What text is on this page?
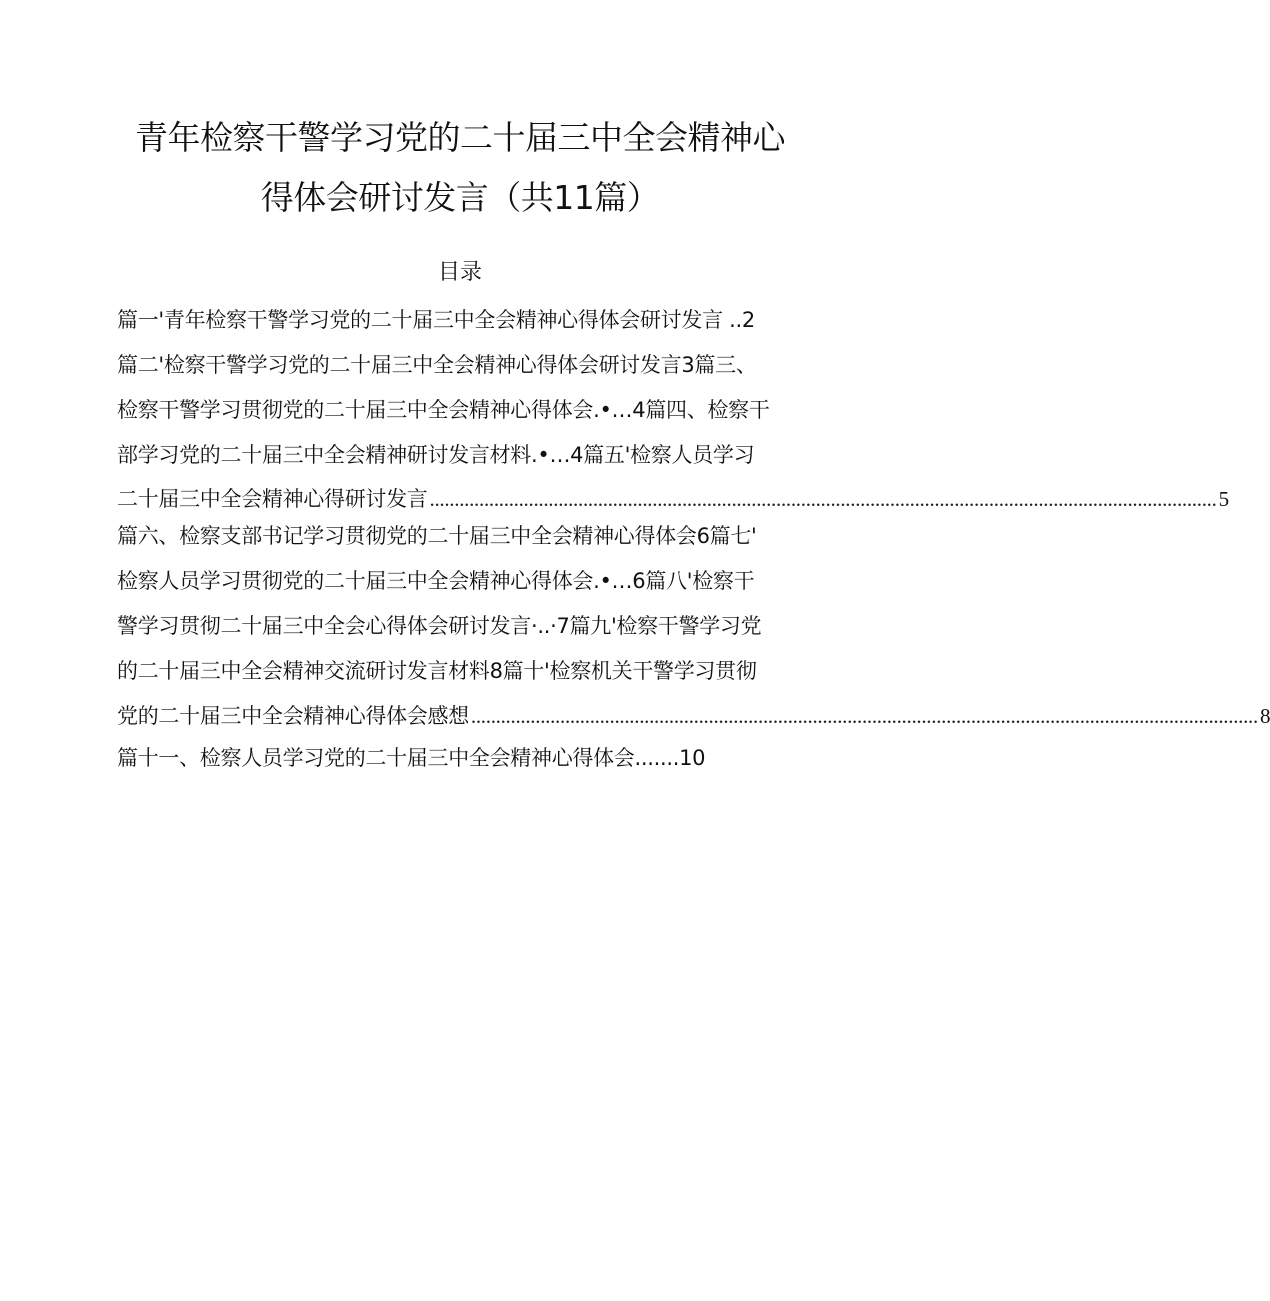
青年检察干警学习党的二十届三中全会精神心
得体会研讨发言（共11篇）
目录
篇一'青年检察干警学习党的二十届三中全会精神心得体会研讨发言 ..2
篇二'检察干警学习党的二十届三中全会精神心得体会研讨发言3篇三、
检察干警学习贯彻党的二十届三中全会精神心得体会.•…4篇四、检察干
部学习党的二十届三中全会精神研讨发言材料.•…4篇五'检察人员学习
二十届三中全会精神心得研讨发言 ............................................................................................................................................................... 5
篇六、检察支部书记学习贯彻党的二十届三中全会精神心得体会6篇七'
检察人员学习贯彻党的二十届三中全会精神心得体会.•…6篇八'检察干
警学习贯彻二十届三中全会心得体会研讨发言·..·7篇九'检察干警学习党
的二十届三中全会精神交流研讨发言材料8篇十'检察机关干警学习贯彻
党的二十届三中全会精神心得体会感想 ............................................................................................................................................................... 8
篇十一、检察人员学习党的二十届三中全会精神心得体会.......10
